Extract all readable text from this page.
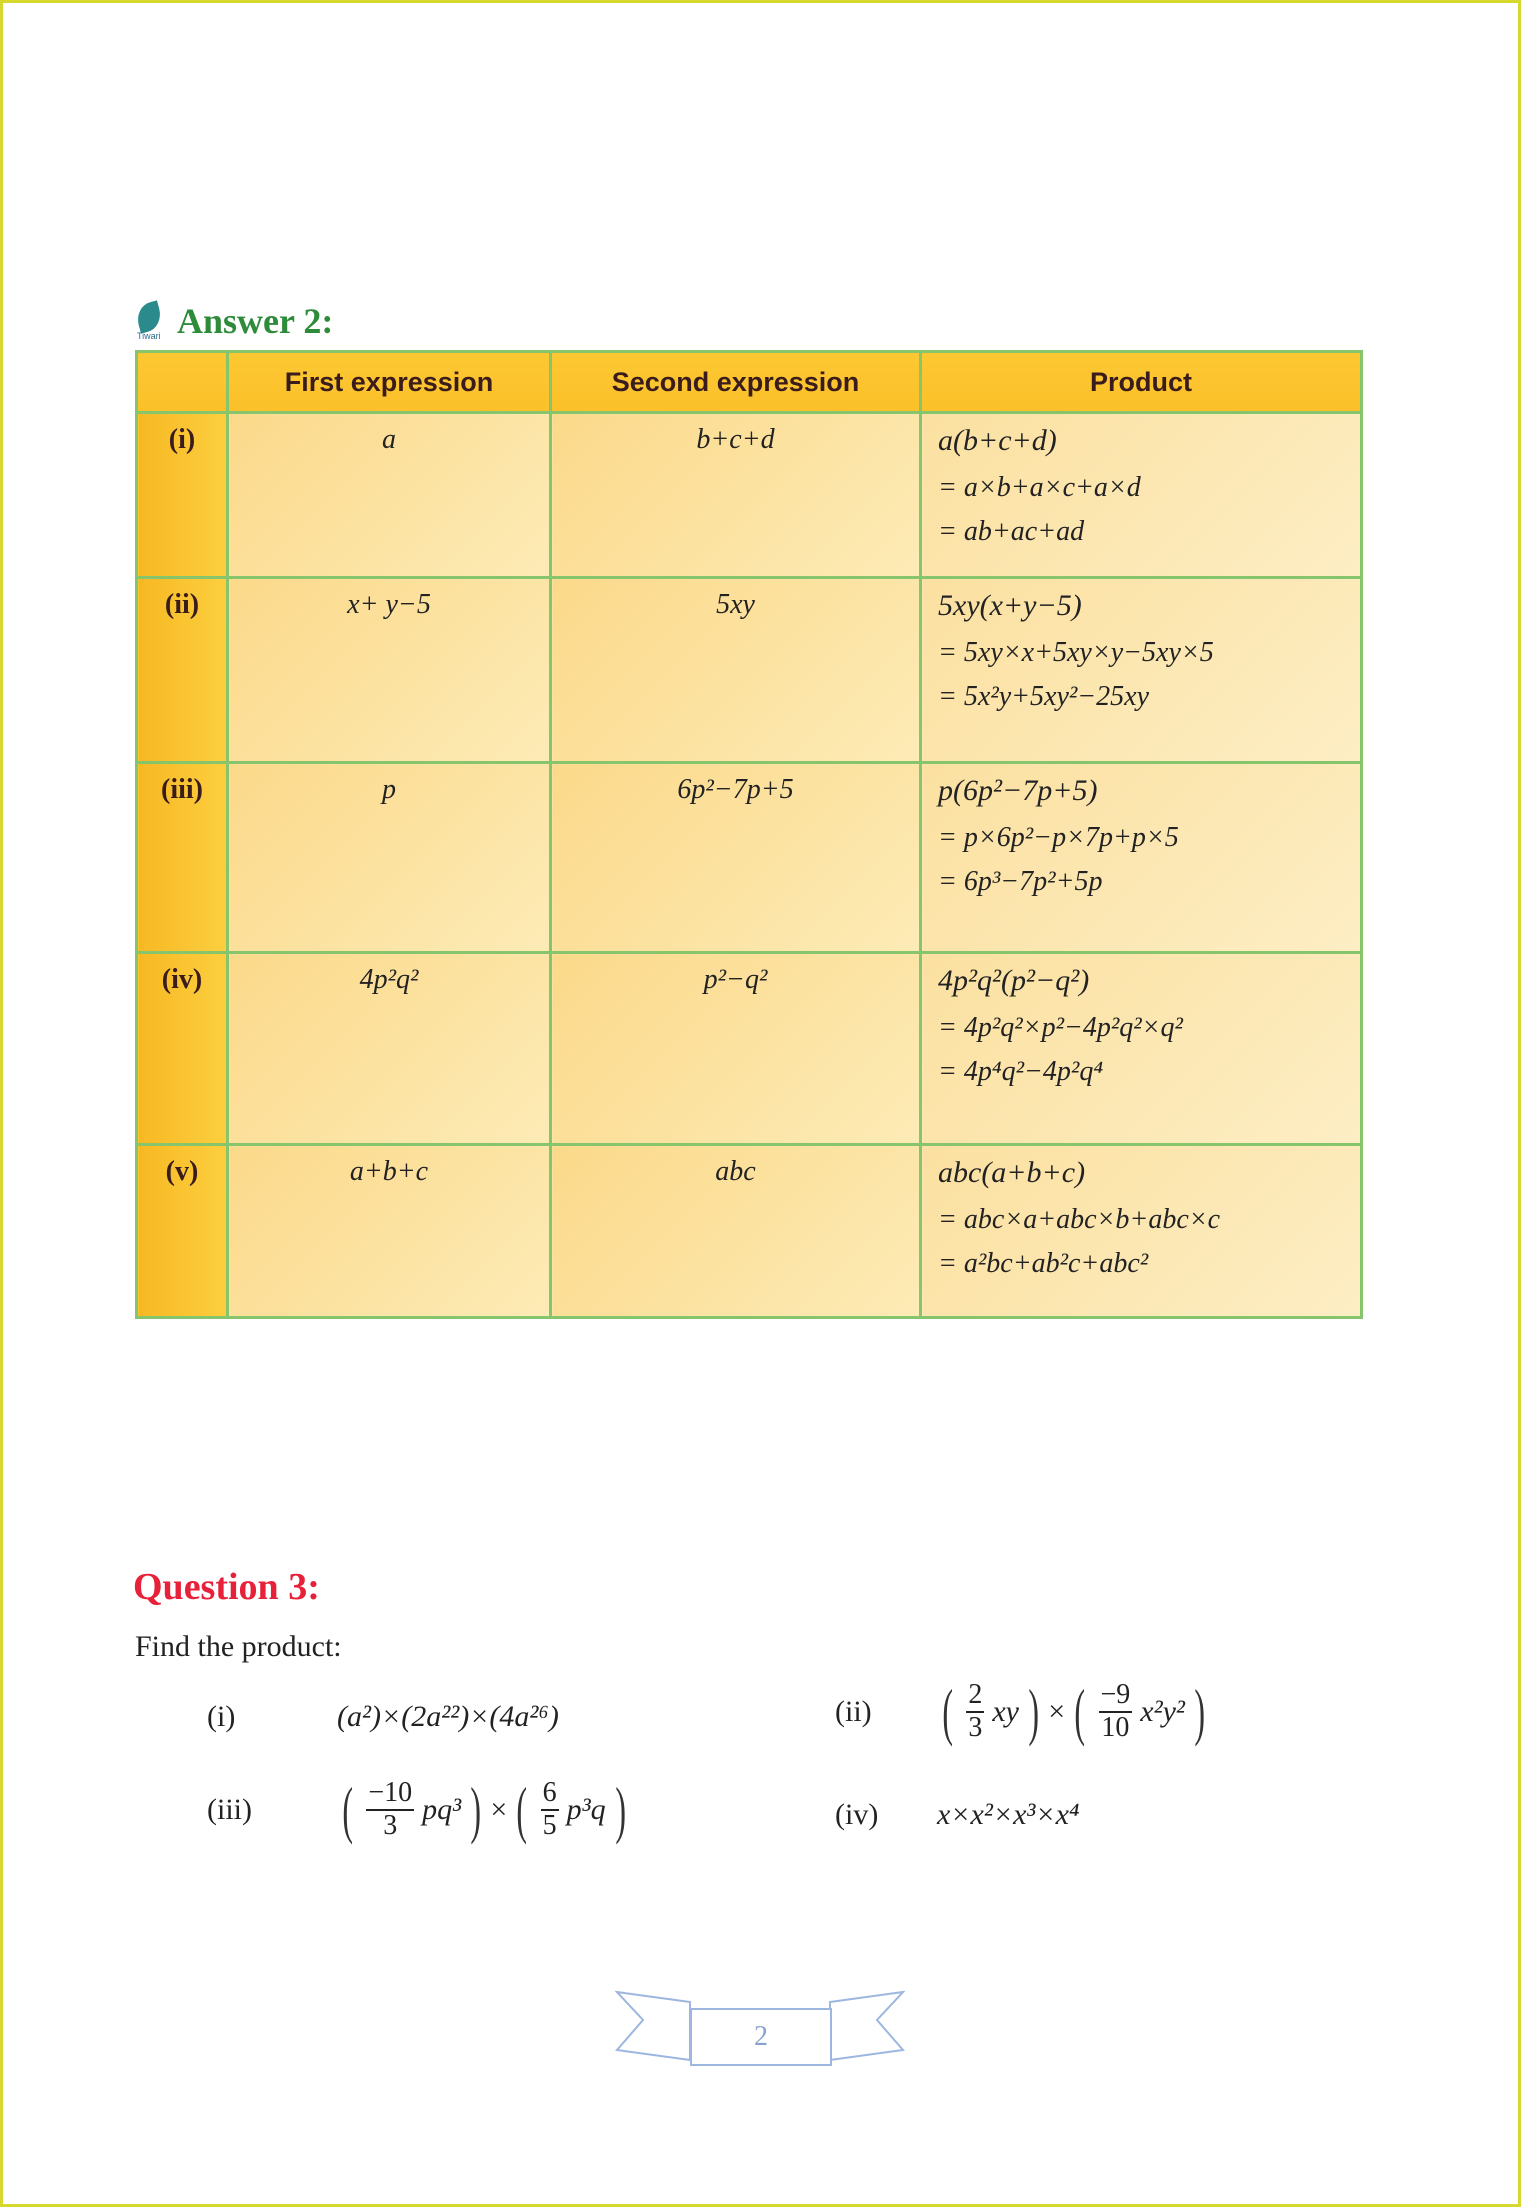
Tiwari Answer 2:
	First expression	Second expression	Product
(i)	a	b+c+d	a(b+c+d)
= a×b+a×c+a×d
= ab+ac+ad

(ii)	x+ y−5	5xy	5xy(x+y−5)
= 5xy×x+5xy×y−5xy×5
= 5x²y+5xy²−25xy

(iii)	p	6p²−7p+5	p(6p²−7p+5)
= p×6p²−p×7p+p×5
= 6p³−7p²+5p

(iv)	4p²q²	p²−q²	4p²q²(p²−q²)
= 4p²q²×p²−4p²q²×q²
= 4p⁴q²−4p²q⁴

(v)	a+b+c	abc	abc(a+b+c)
= abc×a+abc×b+abc×c
= a²bc+ab²c+abc²
Question 3:
Find the product:
(i)	(a²)×(2a²²)×(4a²⁶)	(ii)	( $\frac{2}{3}$ xy ) × ( $\frac{-9}{10} x^2y^2$ )
(iii)	( $\frac{-10}{3} pq^3$ ) × ( $\frac{6}{5} p^3q$ )	(iv)	x×x²×x³×x⁴
2
